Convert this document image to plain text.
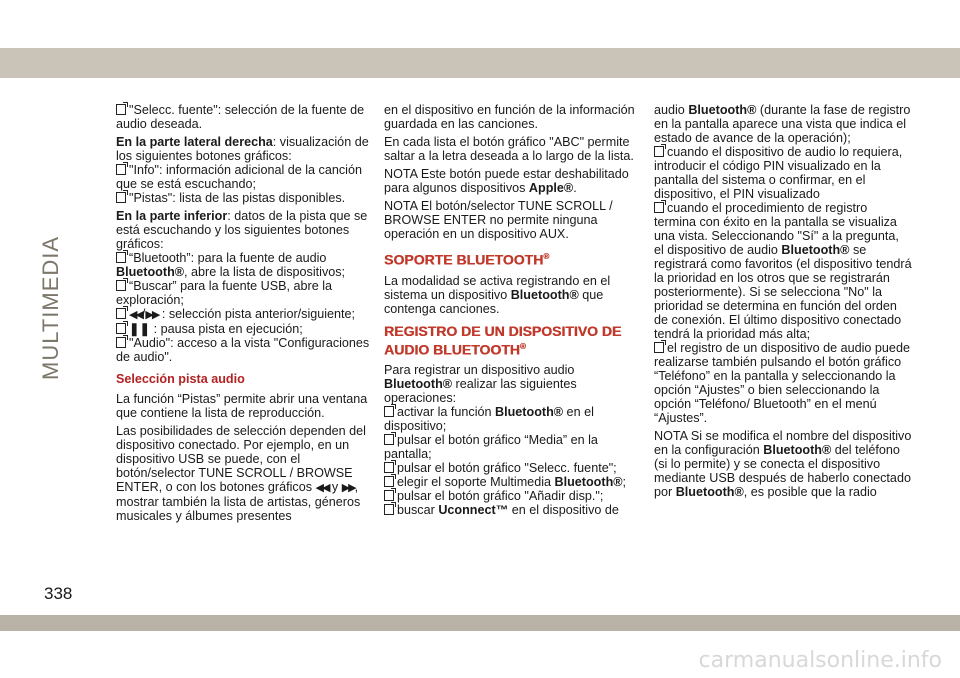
MULTIMEDIA
338
carmanualsonline.info

"Selecc. fuente": selección de la fuente de audio deseada.

En la parte lateral derecha: visualización de los siguientes botones gráficos:
"Info": información adicional de la canción que se está escuchando;
"Pistas": lista de las pistas disponibles.

En la parte inferior: datos de la pista que se está escuchando y los siguientes botones gráficos:
“Bluetooth”: para la fuente de audio Bluetooth®, abre la lista de dispositivos;
“Buscar” para la fuente USB, abre la exploración;
◀◀/▶▶ : selección pista anterior/siguiente;
❚❚ : pausa pista en ejecución;
"Audio": acceso a la vista "Configuraciones de audio".

Selección pista audio

La función “Pistas” permite abrir una ventana que contiene la lista de reproducción.

Las posibilidades de selección dependen del dispositivo conectado. Por ejemplo, en un dispositivo USB se puede, con el botón/selector TUNE SCROLL / BROWSE ENTER, o con los botones gráficos ◀◀ y ▶▶, mostrar también la lista de artistas, géneros musicales y álbumes presentes

en el dispositivo en función de la información guardada en las canciones.

En cada lista el botón gráfico "ABC" permite saltar a la letra deseada a lo largo de la lista.

NOTA Este botón puede estar deshabilitado para algunos dispositivos Apple®.

NOTA El botón/selector TUNE SCROLL / BROWSE ENTER no permite ninguna operación en un dispositivo AUX.

SOPORTE BLUETOOTH®

La modalidad se activa registrando en el sistema un dispositivo Bluetooth® que contenga canciones.

REGISTRO DE UN DISPOSITIVO DE AUDIO BLUETOOTH®

Para registrar un dispositivo audio Bluetooth® realizar las siguientes operaciones:
activar la función Bluetooth® en el dispositivo;
pulsar el botón gráfico “Media” en la pantalla;
pulsar el botón gráfico "Selecc. fuente";
elegir el soporte Multimedia Bluetooth®;
pulsar el botón gráfico "Añadir disp.";
buscar Uconnect™ en el dispositivo de

audio Bluetooth® (durante la fase de registro en la pantalla aparece una vista que indica el estado de avance de la operación);
cuando el dispositivo de audio lo requiera, introducir el código PIN visualizado en la pantalla del sistema o confirmar, en el dispositivo, el PIN visualizado
cuando el procedimiento de registro termina con éxito en la pantalla se visualiza una vista. Seleccionando "Sí" a la pregunta, el dispositivo de audio Bluetooth® se registrará como favoritos (el dispositivo tendrá la prioridad en los otros que se registrarán posteriormente). Si se selecciona "No" la prioridad se determina en función del orden de conexión. El último dispositivo conectado tendrá la prioridad más alta;
el registro de un dispositivo de audio puede realizarse también pulsando el botón gráfico “Teléfono” en la pantalla y seleccionando la opción “Ajustes” o bien seleccionando la opción “Teléfono/ Bluetooth” en el menú “Ajustes”.

NOTA Si se modifica el nombre del dispositivo en la configuración Bluetooth® del teléfono (si lo permite) y se conecta el dispositivo mediante USB después de haberlo conectado por Bluetooth®, es posible que la radio
